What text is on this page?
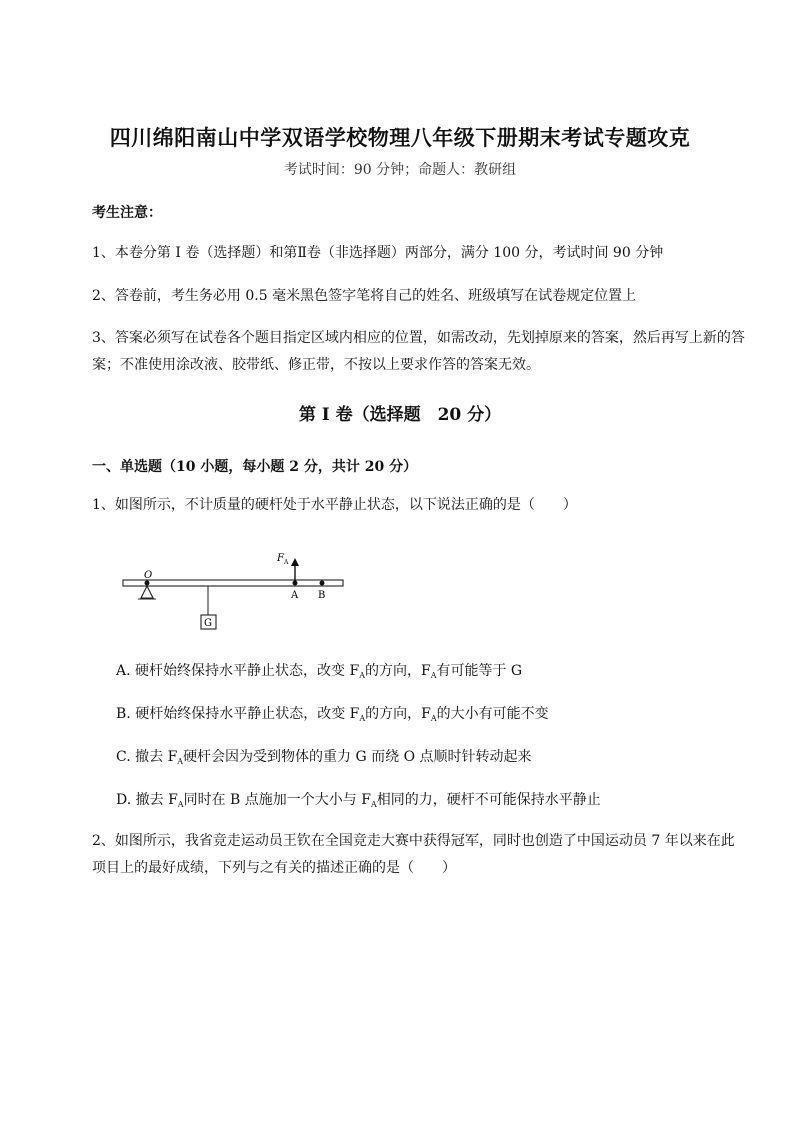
四川绵阳南山中学双语学校物理八年级下册期末考试专题攻克
考试时间：90 分钟；命题人：教研组
考生注意：
1、本卷分第 I 卷（选择题）和第Ⅱ卷（非选择题）两部分，满分 100 分，考试时间 90 分钟
2、答卷前，考生务必用 0.5 毫米黑色签字笔将自己的姓名、班级填写在试卷规定位置上
3、答案必须写在试卷各个题目指定区域内相应的位置，如需改动，先划掉原来的答案，然后再写上新的答案；不准使用涂改液、胶带纸、修正带，不按以上要求作答的答案无效。
第 I 卷（选择题　20 分）
一、单选题（10 小题，每小题 2 分，共计 20 分）
1、如图所示，不计质量的硬杆处于水平静止状态，以下说法正确的是（　　）
O
G
F A
A B
A. 硬杆始终保持水平静止状态，改变 $F_A$的方向，$F_A$有可能等于 G
B. 硬杆始终保持水平静止状态，改变 $F_A$的方向，$F_A$的大小有可能不变
C. 撤去 $F_A$硬杆会因为受到物体的重力 G 而绕 O 点顺时针转动起来
D. 撤去 $F_A$同时在 B 点施加一个大小与 $F_A$相同的力，硬杆不可能保持水平静止
2、如图所示，我省竞走运动员王钦在全国竞走大赛中获得冠军，同时也创造了中国运动员 7 年以来在此项目上的最好成绩，下列与之有关的描述正确的是（　　）
